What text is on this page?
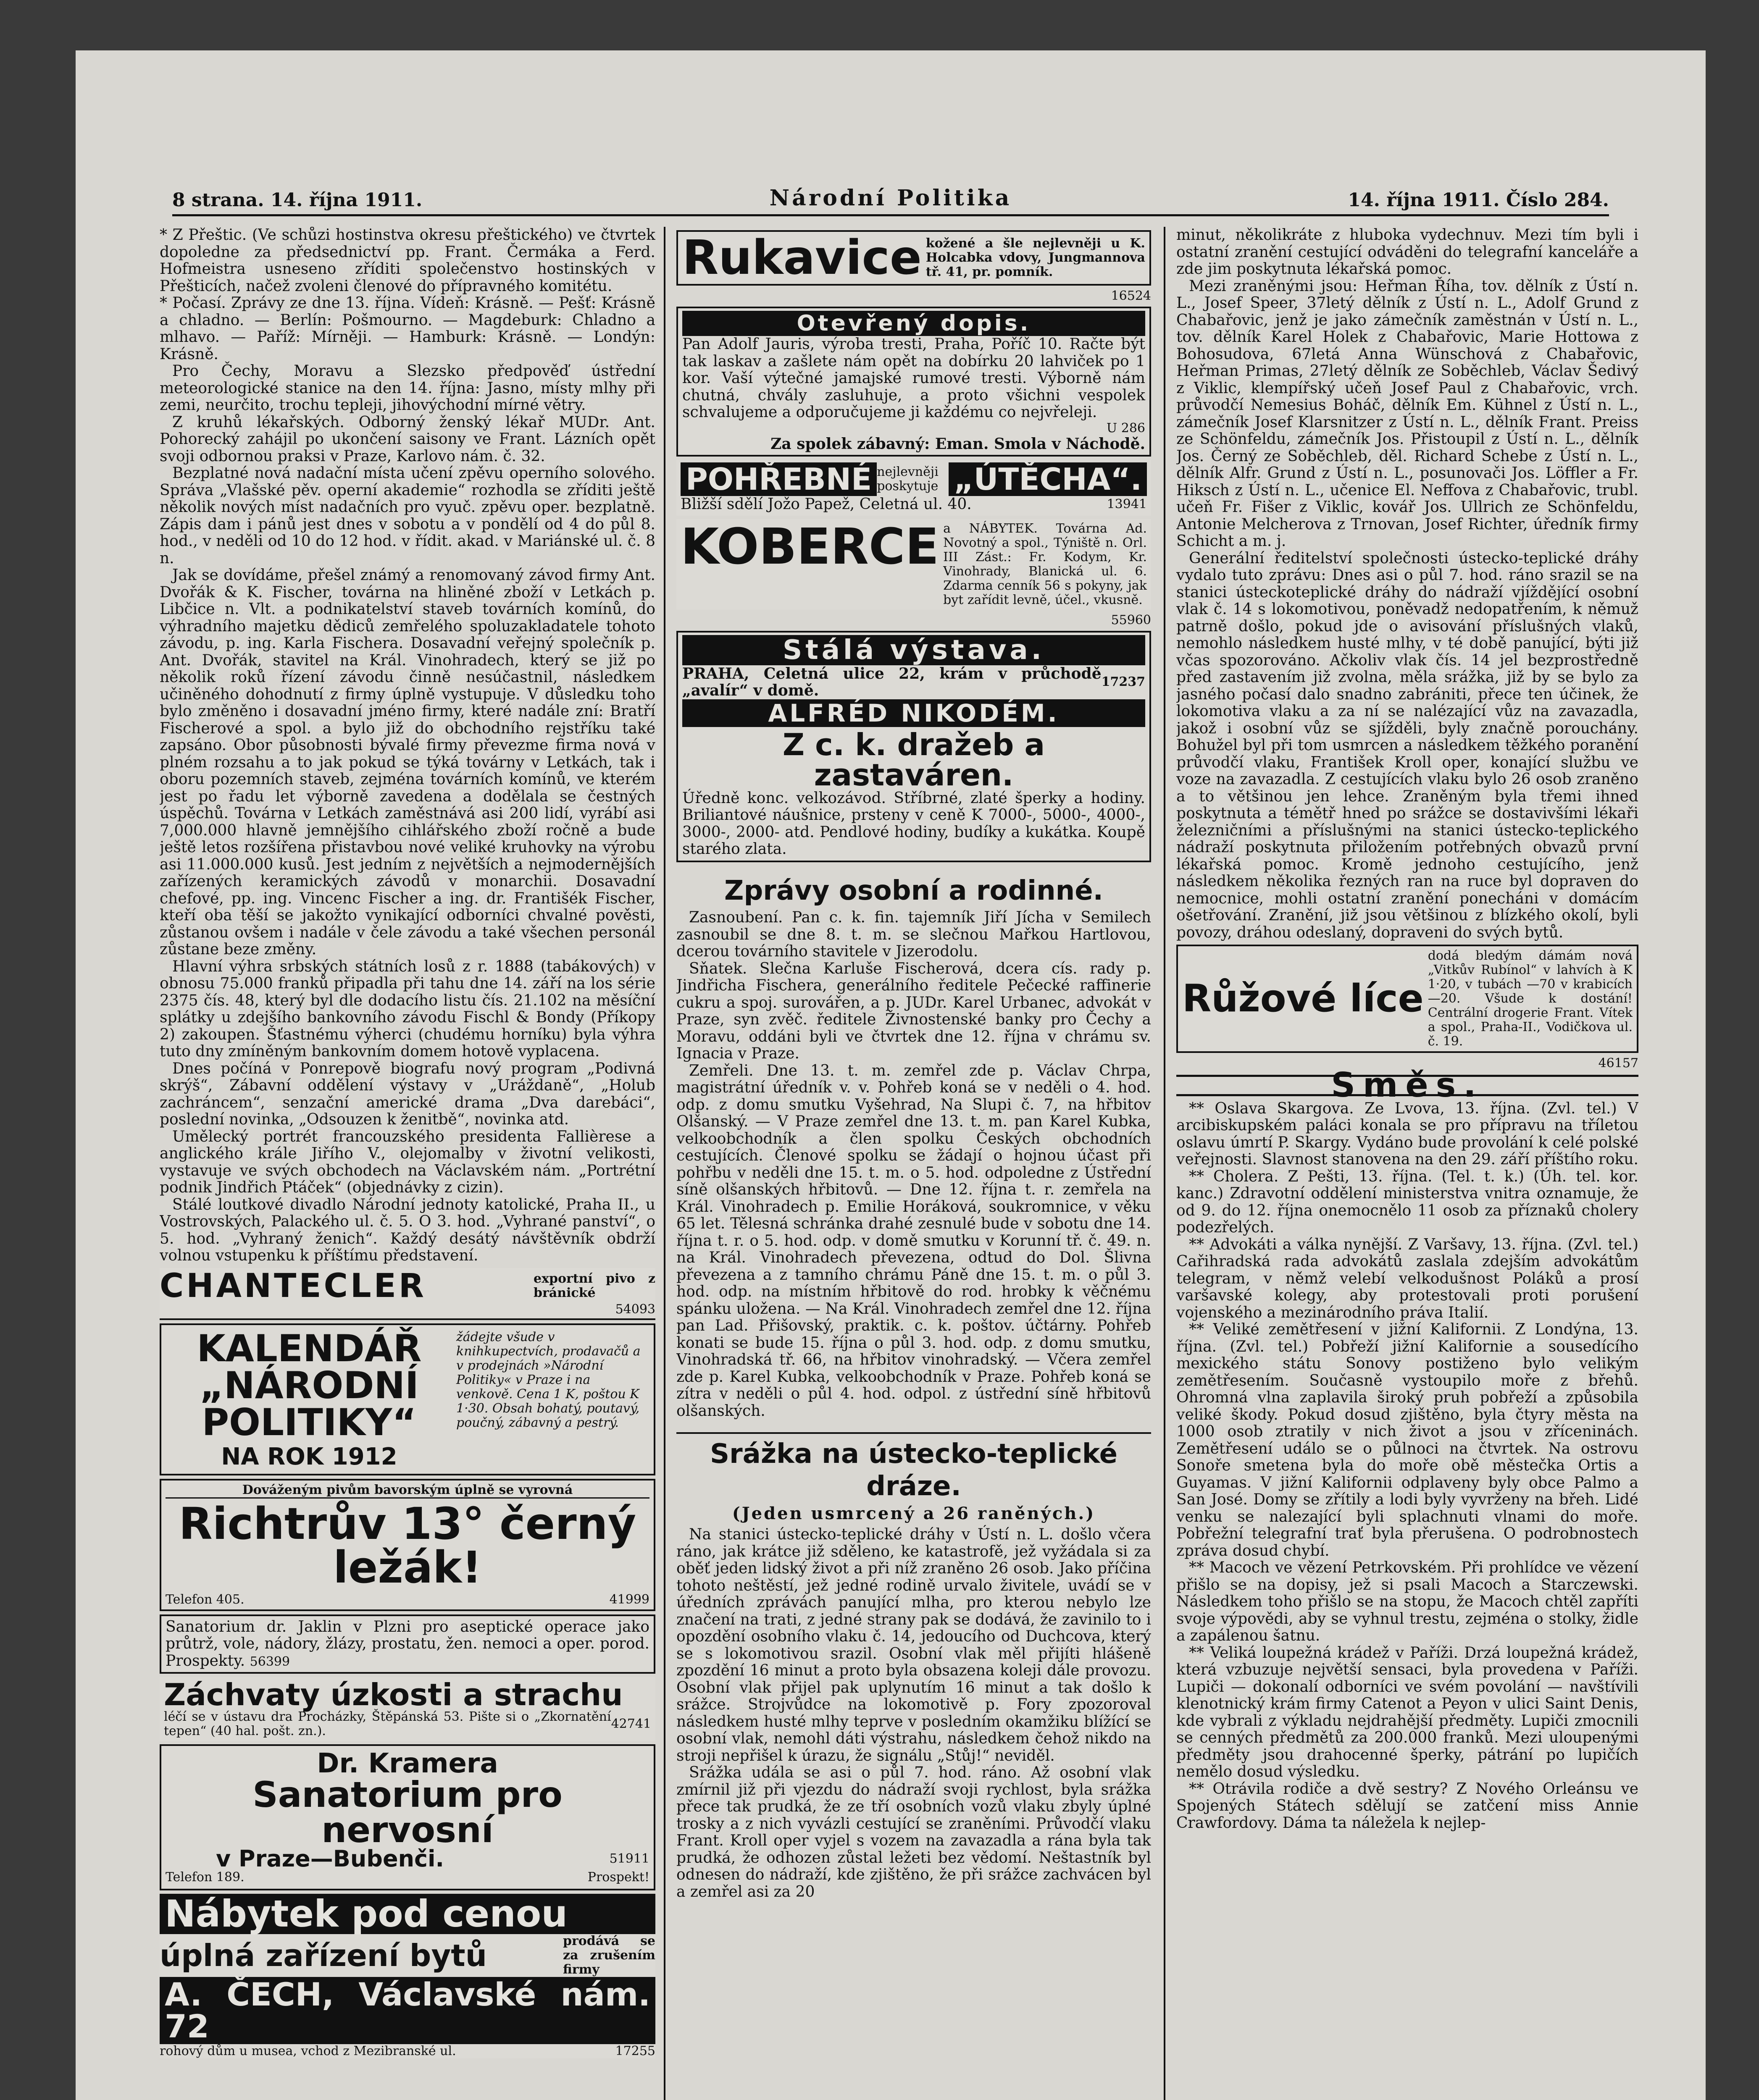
8 strana. 14. října 1911.	Národní Politika	14. října 1911. Číslo 284.

* Z Přeštic. (Ve schůzi hostinstva okresu přeštického) ve čtvrtek dopoledne za předsednictví pp. Frant. Čermáka a Ferd. Hofmeistra usneseno zříditi společenstvo hostinských v Přešticích, načež zvoleni členové do přípravného komitétu.

* Počasí. Zprávy ze dne 13. října. Vídeň: Krásně. — Pešť: Krásně a chladno. — Berlín: Pošmourno. — Magdeburk: Chladno a mlhavo. — Paříž: Mírněji. — Hamburk: Krásně. — Londýn: Krásně.

Pro Čechy, Moravu a Slezsko předpověď ústřední meteorologické stanice na den 14. října: Jasno, místy mlhy při zemi, neurčito, trochu tepleji, jihovýchodní mírné větry.

Z kruhů lékařských. Odborný ženský lékař MUDr. Ant. Pohorecký zahájil po ukončení saisony ve Frant. Lázních opět svoji odbornou praksi v Praze, Karlovo nám. č. 32.

Bezplatné nová nadační místa učení zpěvu operního solového. Správa „Vlašské pěv. operní akademie“ rozhodla se zříditi ještě několik nových míst nadačních pro vyuč. zpěvu oper. bezplatně. Zápis dam i pánů jest dnes v sobotu a v pondělí od 4 do půl 8. hod., v neděli od 10 do 12 hod. v řídit. akad. v Mariánské ul. č. 8 n.

Jak se dovídáme, přešel známý a renomovaný závod firmy Ant. Dvořák & K. Fischer, továrna na hliněné zboží v Letkách p. Libčice n. Vlt. a podnikatelství staveb továrních komínů, do výhradního majetku dědiců zemřelého spoluzakladatele tohoto závodu, p. ing. Karla Fischera. Dosavadní veřejný společník p. Ant. Dvořák, stavitel na Král. Vinohradech, který se již po několik roků řízení závodu činně nesúčastnil, následkem učiněného dohodnutí z firmy úplně vystupuje. V důsledku toho bylo změněno i dosavadní jméno firmy, které nadále zní: Bratří Fischerové a spol. a bylo již do obchodního rejstříku také zapsáno. Obor působnosti bývalé firmy převezme firma nová v plném rozsahu a to jak pokud se týká továrny v Letkách, tak i oboru pozemních staveb, zejména továrních komínů, ve kterém jest po řadu let výborně zavedena a dodělala se čestných úspěchů. Továrna v Letkách zaměstnává asi 200 lidí, vyrábí asi 7,000.000 hlavně jemnějšího cihlářského zboží ročně a bude ještě letos rozšířena přistavbou nové veliké kruhovky na výrobu asi 11.000.000 kusů. Jest jedním z největších a nejmodernějších zařízených keramických závodů v monarchii. Dosavadní chefové, pp. ing. Vincenc Fischer a ing. dr. Františék Fischer, kteří oba těší se jakožto vynikající odborníci chvalné pověsti, zůstanou ovšem i nadále v čele závodu a také všechen personál zůstane beze změny.

Hlavní výhra srbských státních losů z r. 1888 (tabákových) v obnosu 75.000 franků připadla při tahu dne 14. září na los série 2375 čís. 48, který byl dle dodacího listu čís. 21.102 na měsíční splátky u zdejšího bankovního závodu Fischl & Bondy (Příkopy 2) zakoupen. Šťastnému výherci (chudému horníku) byla výhra tuto dny zmíněným bankovním domem hotově vyplacena.

Dnes počíná v Ponrepově biografu nový program „Podivná skrýš“, Zábavní oddělení výstavy v „Uráždaně“, „Holub zachráncem“, senzační americké drama „Dva darebáci“, poslední novinka, „Odsouzen k ženitbě“, novinka atd.

Umělecký portrét francouzského presidenta Fallièrese a anglického krále Jiřího V., olejomalby v životní velikosti, vystavuje ve svých obchodech na Václavském nám. „Portrétní podnik Jindřich Ptáček“ (objednávky z cizin).

Stálé loutkové divadlo Národní jednoty katolické, Praha II., u Vostrovských, Palackého ul. č. 5. O 3. hod. „Vyhrané panství“, o 5. hod. „Vyhraný ženich“. Každý desátý návštěvník obdrží volnou vstupenku k příštímu představení.

CHANTECLER	exportní pivo z bránické
54093
KALENDÁŘ
„NÁRODNÍ
POLITIKY“
NA ROK 1912
žádejte všude v knihkupectvích, prodavačů a v prodejnách »Národní Politiky« v Praze i na venkově. Cena 1 K, poštou K 1·30. Obsah bohatý, poutavý, poučný, zábavný a pestrý.
Dováženým pivům bavorským úplně se vyrovná
Richtrův 13° černý ležák!
Telefon 405.	41999
Sanatorium dr. Jaklin v Plzni pro aseptické operace jako průtrž, vole, nádory, žlázy, prostatu, žen. nemoci a oper. porod. Prospekty. 56399
Záchvaty úzkosti a strachu
léčí se v ústavu dra Procházky, Štěpánská 53. Pište si o „Zkornatění tepen“ (40 hal. pošt. zn.).	42741
Dr. Kramera
Sanatorium pro nervosní
v Praze—Bubenči.	51911
Telefon 189.	Prospekt!
Nábytek pod cenou
úplná zařízení bytů	prodává se za zrušením firmy
A. ČECH, Václavské nám. 72
rohový dům u musea, vchod z Mezibranské ul.	17255
Rukavice kožené a šle nejlevněji u K. Holcabka vdovy, Jungmannova tř. 41, pr. pomník.
16524
Otevřený dopis.
Pan Adolf Jauris, výroba tresti, Praha, Poříč 10. Račte být tak laskav a zašlete nám opět na dobírku 20 lahviček po 1 kor. Vaší výtečné jamajské rumové tresti. Výborně nám chutná, chvály zasluhuje, a proto všichni vespolek schvalujeme a odporučujeme ji každému co nejvřeleji.
U 286
Za spolek zábavný: Eman. Smola v Náchodě.
POHŘEBNÉ nejlevněji poskytuje „ÚTĚCHA“.
Bližší sdělí Jožo Papež, Celetná ul. 40.	13941
KOBERCE a NÁBYTEK. Továrna Ad. Novotný a spol., Týniště n. Orl. III Zást.: Fr. Kodym, Kr. Vinohrady, Blanická ul. 6. Zdarma cenník 56 s pokyny, jak byt zařídit levně, účel., vkusně.
55960
Stálá výstava.
PRAHA, Celetná ulice 22, krám v průchodě „avalír“ v domě.	17237
ALFRÉD NIKODÉM.
Z c. k. dražeb a zastaváren.
Úředně konc. velkozávod. Stříbrné, zlaté šperky a hodiny. Briliantové náušnice, prsteny v ceně K 7000-, 5000-, 4000-, 3000-, 2000- atd. Pendlové hodiny, budíky a kukátka. Koupě starého zlata.
Zprávy osobní a rodinné.

Zasnoubení. Pan c. k. fin. tajemník Jiří Jícha v Semilech zasnoubil se dne 8. t. m. se slečnou Mařkou Hartlovou, dcerou továrního stavitele v Jizerodolu.

Sňatek. Slečna Karluše Fischerová, dcera cís. rady p. Jindřicha Fischera, generálního ředitele Pečecké raffinerie cukru a spoj. surovářen, a p. JUDr. Karel Urbanec, advokát v Praze, syn zvěč. ředitele Živnostenské banky pro Čechy a Moravu, oddáni byli ve čtvrtek dne 12. října v chrámu sv. Ignacia v Praze.

Zemřeli. Dne 13. t. m. zemřel zde p. Václav Chrpa, magistrátní úředník v. v. Pohřeb koná se v neděli o 4. hod. odp. z domu smutku Vyšehrad, Na Slupi č. 7, na hřbitov Olšanský. — V Praze zemřel dne 13. t. m. pan Karel Kubka, velkoobchodník a člen spolku Českých obchodních cestujících. Členové spolku se žádají o hojnou účast při pohřbu v neděli dne 15. t. m. o 5. hod. odpoledne z Ústřední síně olšanských hřbitovů. — Dne 12. října t. r. zemřela na Král. Vinohradech p. Emilie Horáková, soukromnice, v věku 65 let. Tělesná schránka drahé zesnulé bude v sobotu dne 14. října t. r. o 5. hod. odp. v domě smutku v Korunní tř. č. 49. n. na Král. Vinohradech převezena, odtud do Dol. Šlivna převezena a z tamního chrámu Páně dne 15. t. m. o půl 3. hod. odp. na místním hřbitově do rod. hrobky k věčnému spánku uložena. — Na Král. Vinohradech zemřel dne 12. října pan Lad. Přišovský, praktik. c. k. poštov. účtárny. Pohřeb konati se bude 15. října o půl 3. hod. odp. z domu smutku, Vinohradská tř. 66, na hřbitov vinohradský. — Včera zemřel zde p. Karel Kubka, velkoobchodník v Praze. Pohřeb koná se zítra v neděli o půl 4. hod. odpol. z ústřední síně hřbitovů olšanských.

Srážka na ústecko-teplické dráze.
(Jeden usmrcený a 26 raněných.)

Na stanici ústecko-teplické dráhy v Ústí n. L. došlo včera ráno, jak krátce již sděleno, ke katastrofě, jež vyžádala si za oběť jeden lidský život a při níž zraněno 26 osob. Jako příčina tohoto neštěstí, jež jedné rodině urvalo živitele, uvádí se v úředních zprávách panující mlha, pro kterou nebylo lze značení na trati, z jedné strany pak se dodává, že zavinilo to i opozdění osobního vlaku č. 14, jedoucího od Duchcova, který se s lokomotivou srazil. Osobní vlak měl přijíti hlášeně zpozdění 16 minut a proto byla obsazena koleji dále provozu. Osobní vlak přijel pak uplynutím 16 minut a tak došlo k srážce. Strojvůdce na lokomotivě p. Fory zpozoroval následkem husté mlhy teprve v posledním okamžiku blížící se osobní vlak, nemohl dáti výstrahu, následkem čehož nikdo na stroji nepřišel k úrazu, že signálu „Stůj!“ neviděl.

Srážka udála se asi o půl 7. hod. ráno. Až osobní vlak zmírnil již při vjezdu do nádraží svoji rychlost, byla srážka přece tak prudká, že ze tří osobních vozů vlaku zbyly úplné trosky a z nich vyvázli cestující se zraněními. Průvodčí vlaku Frant. Kroll oper vyjel s vozem na zavazadla a rána byla tak prudká, že odhozen zůstal ležeti bez vědomí. Neštastník byl odnesen do nádraží, kde zjištěno, že při srážce zachvácen byl a zemřel asi za 20

minut, několikráte z hluboka vydechnuv. Mezi tím byli i ostatní zranění cestující odváděni do telegrafní kanceláře a zde jim poskytnuta lékařská pomoc.

Mezi zraněnými jsou: Heřman Říha, tov. dělník z Ústí n. L., Josef Speer, 37letý dělník z Ústí n. L., Adolf Grund z Chabařovic, jenž je jako zámečník zaměstnán v Ústí n. L., tov. dělník Karel Holek z Chabařovic, Marie Hottowa z Bohosudova, 67letá Anna Wünschová z Chabařovic, Heřman Primas, 27letý dělník ze Soběchleb, Václav Šedivý z Viklic, klempířský učeň Josef Paul z Chabařovic, vrch. průvodčí Nemesius Boháč, dělník Em. Kühnel z Ústí n. L., zámečník Josef Klarsnitzer z Ústí n. L., dělník Frant. Preiss ze Schönfeldu, zámečník Jos. Přistoupil z Ústí n. L., dělník Jos. Černý ze Soběchleb, děl. Richard Schebe z Ústí n. L., dělník Alfr. Grund z Ústí n. L., posunovači Jos. Löffler a Fr. Hiksch z Ústí n. L., učenice El. Neffova z Chabařovic, trubl. učeň Fr. Fišer z Viklic, kovář Jos. Ullrich ze Schönfeldu, Antonie Melcherova z Trnovan, Josef Richter, úředník firmy Schicht a m. j.

Generální ředitelství společnosti ústecko-teplické dráhy vydalo tuto zprávu: Dnes asi o půl 7. hod. ráno srazil se na stanici ústeckoteplické dráhy do nádraží vjíždějící osobní vlak č. 14 s lokomotivou, poněvadž nedopatřením, k němuž patrně došlo, pokud jde o avisování příslušných vlaků, nemohlo následkem husté mlhy, v té době panující, býti již včas spozorováno. Ačkoliv vlak čís. 14 jel bezprostředně před zastavením již zvolna, měla srážka, již by se bylo za jasného počasí dalo snadno zabrániti, přece ten účinek, že lokomotiva vlaku a za ní se nalézající vůz na zavazadla, jakož i osobní vůz se sjížděli, byly značně porouchány. Bohužel byl při tom usmrcen a následkem těžkého poranění průvodčí vlaku, František Kroll oper, konající službu ve voze na zavazadla. Z cestujících vlaku bylo 26 osob zraněno a to většinou jen lehce. Zraněným byla třemi ihned poskytnuta a témětř hned po srážce se dostavivšími lékaři železničními a příslušnými na stanici ústecko-teplického nádraží poskytnuta přiložením potřebných obvazů první lékařská pomoc. Kromě jednoho cestujícího, jenž následkem několika řezných ran na ruce byl dopraven do nemocnice, mohli ostatní zranění ponecháni v domácím ošetřování. Zranění, již jsou většinou z blízkého okolí, byli povozy, dráhou odeslaný, dopraveni do svých bytů.

Růžové líce
dodá bledým dámám nová „Vitkův Rubínol“ v lahvích à K 1·20, v tubách —70 v krabicích —20. Všude k dostání! Centrální drogerie Frant. Vítek a spol., Praha-II., Vodičkova ul. č. 19.
46157
Směs.

** Oslava Skargova. Ze Lvova, 13. října. (Zvl. tel.) V arcibiskupském paláci konala se pro přípravu na tříletou oslavu úmrtí P. Skargy. Vydáno bude provolání k celé polské veřejnosti. Slavnost stanovena na den 29. září příštího roku.

** Cholera. Z Pešti, 13. října. (Tel. t. k.) (Úh. tel. kor. kanc.) Zdravotní oddělení ministerstva vnitra oznamuje, že od 9. do 12. října onemocnělo 11 osob za příznaků cholery podezřelých.

** Advokáti a válka nynější. Z Varšavy, 13. října. (Zvl. tel.) Cařihradská rada advokátů zaslala zdejším advokátům telegram, v němž velebí velkodušnost Poláků a prosí varšavské kolegy, aby protestovali proti porušení vojenského a mezinárodního práva Italií.

** Veliké zemětřesení v jižní Kalifornii. Z Londýna, 13. října. (Zvl. tel.) Pobřeží jižní Kalifornie a sousedícího mexického státu Sonovy postiženo bylo velikým zemětřesením. Současně vystoupilo moře z břehů. Ohromná vlna zaplavila široký pruh pobřeží a způsobila veliké škody. Pokud dosud zjištěno, byla čtyry města na 1000 osob ztratily v nich život a jsou v zříceninách. Zemětřesení událo se o půlnoci na čtvrtek. Na ostrovu Sonoře smetena byla do moře obě městečka Ortis a Guyamas. V jižní Kalifornii odplaveny byly obce Palmo a San José. Domy se zřítily a lodi byly vyvrženy na břeh. Lidé venku se nalezající byli splachnuti vlnami do moře. Pobřežní telegrafní trať byla přerušena. O podrobnostech zpráva dosud chybí.

** Macoch ve vězení Petrkovském. Při prohlídce ve vězení přišlo se na dopisy, jež si psali Macoch a Starczewski. Následkem toho přišlo se na stopu, že Macoch chtěl zapříti svoje výpovědi, aby se vyhnul trestu, zejména o stolky, židle a zapálenou šatnu.

** Veliká loupežná krádež v Paříži. Drzá loupežná krádež, která vzbuzuje největší sensaci, byla provedena v Paříži. Lupiči — dokonalí odborníci ve svém povolání — navštívili klenotnický krám firmy Catenot a Peyon v ulici Saint Denis, kde vybrali z výkladu nejdrahější předměty. Lupiči zmocnili se cenných předmětů za 200.000 franků. Mezi uloupenými předměty jsou drahocenné šperky, pátrání po lupičích nemělo dosud výsledku.

** Otrávila rodiče a dvě sestry? Z Nového Orleánsu ve Spojených Státech sdělují se zatčení miss Annie Crawfordovy. Dáma ta náležela k nejlep-
